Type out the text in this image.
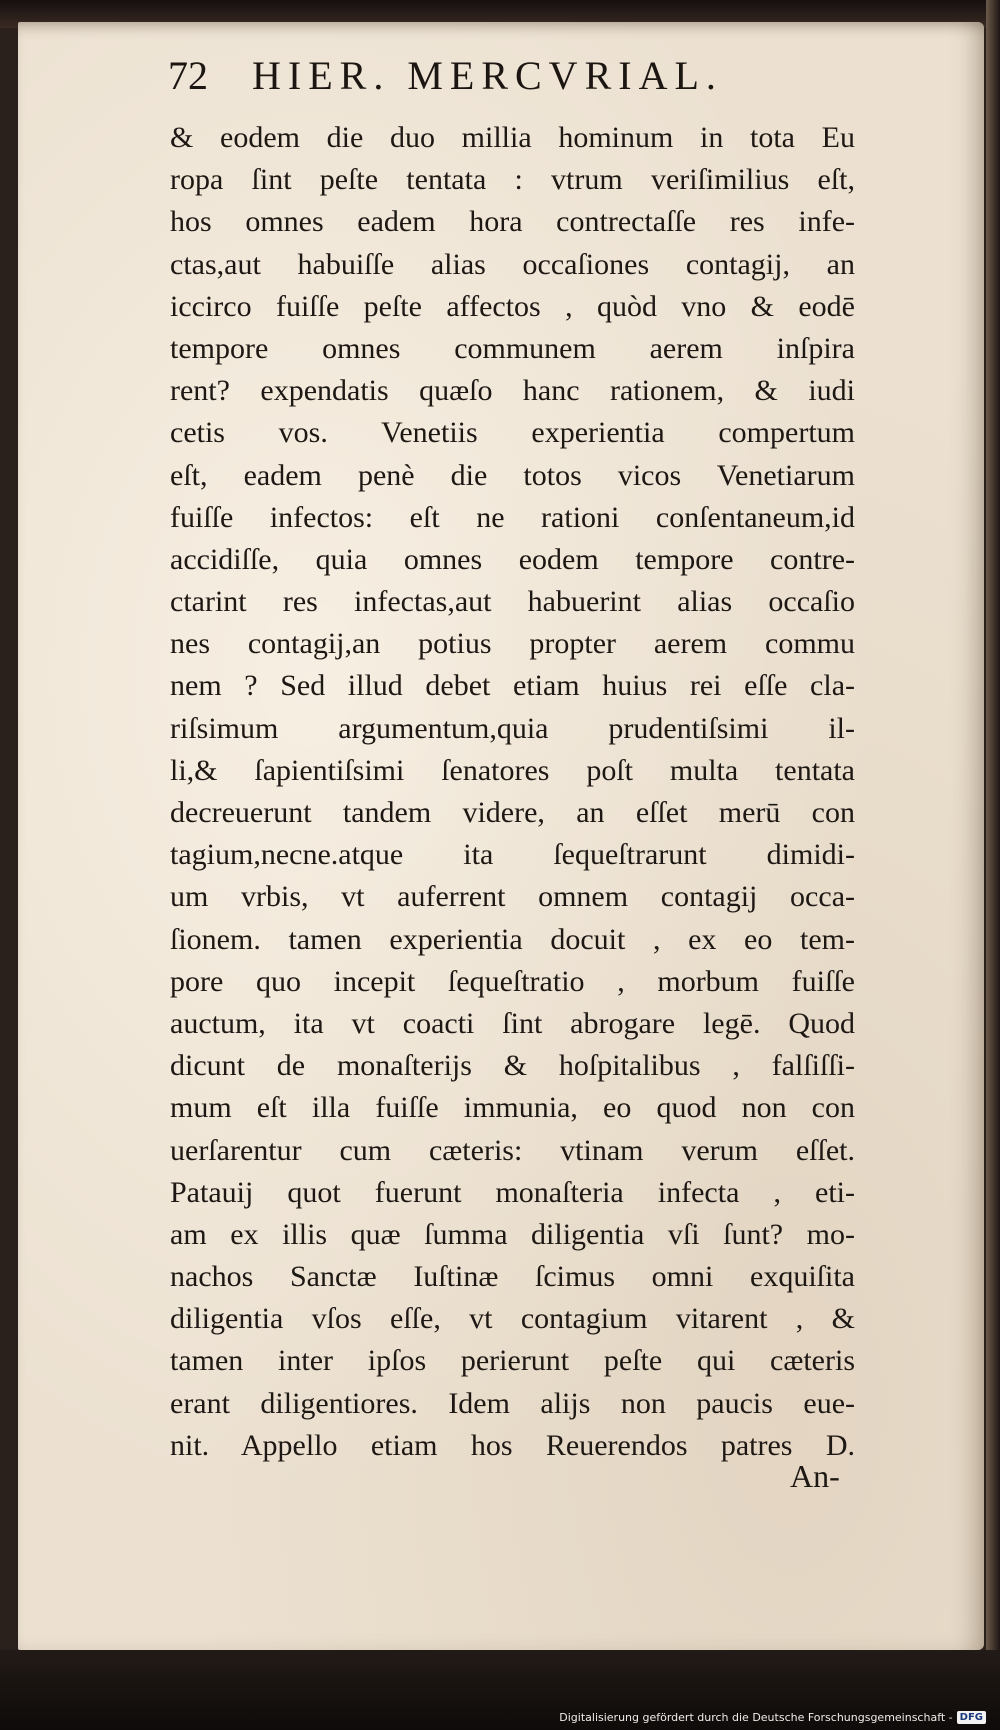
72 HIER. MERCVRIAL.
& eodem die duo millia hominum in tota Eu
ropa ſint peſte tentata : vtrum veriſimilius eſt,
hos omnes eadem hora contrectaſſe res infe-
ctas,aut habuiſſe alias occaſiones contagij, an
iccirco fuiſſe peſte affectos , quòd vno & eodē
tempore omnes communem aerem inſpira
rent? expendatis quæſo hanc rationem, & iudi
cetis vos. Venetiis experientia compertum
eſt, eadem penè die totos vicos Venetiarum
fuiſſe infectos: eſt ne rationi conſentaneum,id
accidiſſe, quia omnes eodem tempore contre-
ctarint res infectas,aut habuerint alias occaſio
nes contagij,an potius propter aerem commu
nem ? Sed illud debet etiam huius rei eſſe cla-
riſsimum argumentum,quia prudentiſsimi il-
li,& ſapientiſsimi ſenatores poſt multa tentata
decreuerunt tandem videre, an eſſet merū con
tagium,necne.atque ita ſequeſtrarunt dimidi-
um vrbis, vt auferrent omnem contagij occa-
ſionem. tamen experientia docuit , ex eo tem-
pore quo incepit ſequeſtratio , morbum fuiſſe
auctum, ita vt coacti ſint abrogare legē. Quod
dicunt de monaſterijs & hoſpitalibus , falſiſſi-
mum eſt illa fuiſſe immunia, eo quod non con
uerſarentur cum cæteris: vtinam verum eſſet.
Patauij quot fuerunt monaſteria infecta , eti-
am ex illis quæ ſumma diligentia vſi ſunt? mo-
nachos Sanctæ Iuſtinæ ſcimus omni exquiſita
diligentia vſos eſſe, vt contagium vitarent , &
tamen inter ipſos perierunt peſte qui cæteris
erant diligentiores. Idem alijs non paucis eue-
nit. Appello etiam hos Reuerendos patres D.
An-
Digitalisierung gefördert durch die Deutsche Forschungsgemeinschaft - DFG
